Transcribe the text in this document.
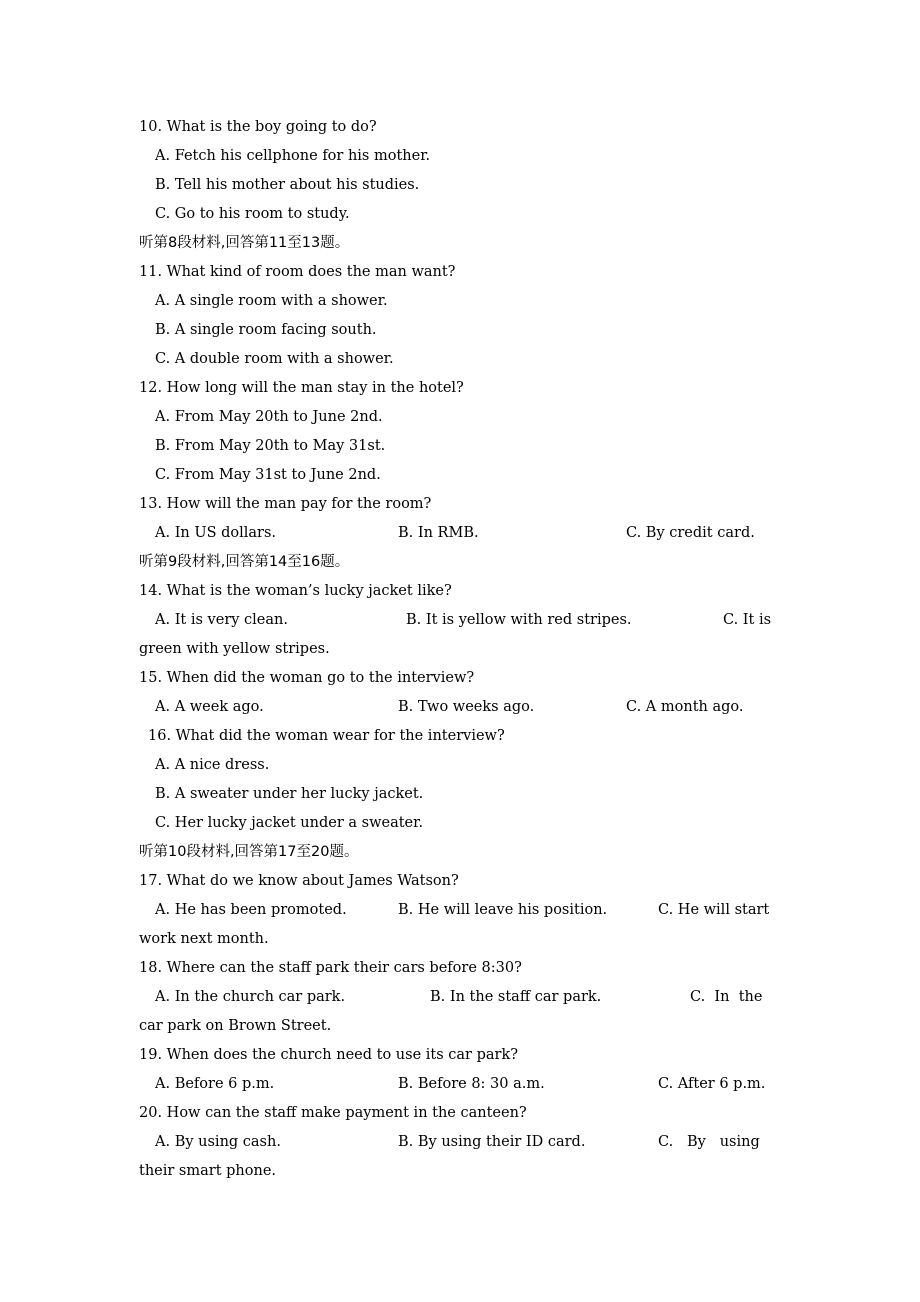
10. What is the boy going to do?
A. Fetch his cellphone for his mother.
B. Tell his mother about his studies.
C. Go to his room to study.
听第8段材料,回答第11至13题。
11. What kind of room does the man want?
A. A single room with a shower.
B. A single room facing south.
C. A double room with a shower.
12. How long will the man stay in the hotel?
A. From May 20th to June 2nd.
B. From May 20th to May 31st.
C. From May 31st to June 2nd.
13. How will the man pay for the room?
A. In US dollars.	B. In RMB.	C. By credit card.
听第9段材料,回答第14至16题。
14. What is the woman’s lucky jacket like?
A. It is very clean.	B. It is yellow with red stripes.	C. It is
green with yellow stripes.
15. When did the woman go to the interview?
A. A week ago.	B. Two weeks ago.	C. A month ago.
16. What did the woman wear for the interview?
A. A nice dress.
B. A sweater under her lucky jacket.
C. Her lucky jacket under a sweater.
听第10段材料,回答第17至20题。
17. What do we know about James Watson?
A. He has been promoted.	B. He will leave his position.	C. He will start
work next month.
18. Where can the staff park their cars before 8:30?
A. In the church car park.	B. In the staff car park.	C.  In  the
car park on Brown Street.
19. When does the church need to use its car park?
A. Before 6 p.m.	B. Before 8: 30 a.m.	C. After 6 p.m.
20. How can the staff make payment in the canteen?
A. By using cash.	B. By using their ID card.	C.   By   using
their smart phone.
